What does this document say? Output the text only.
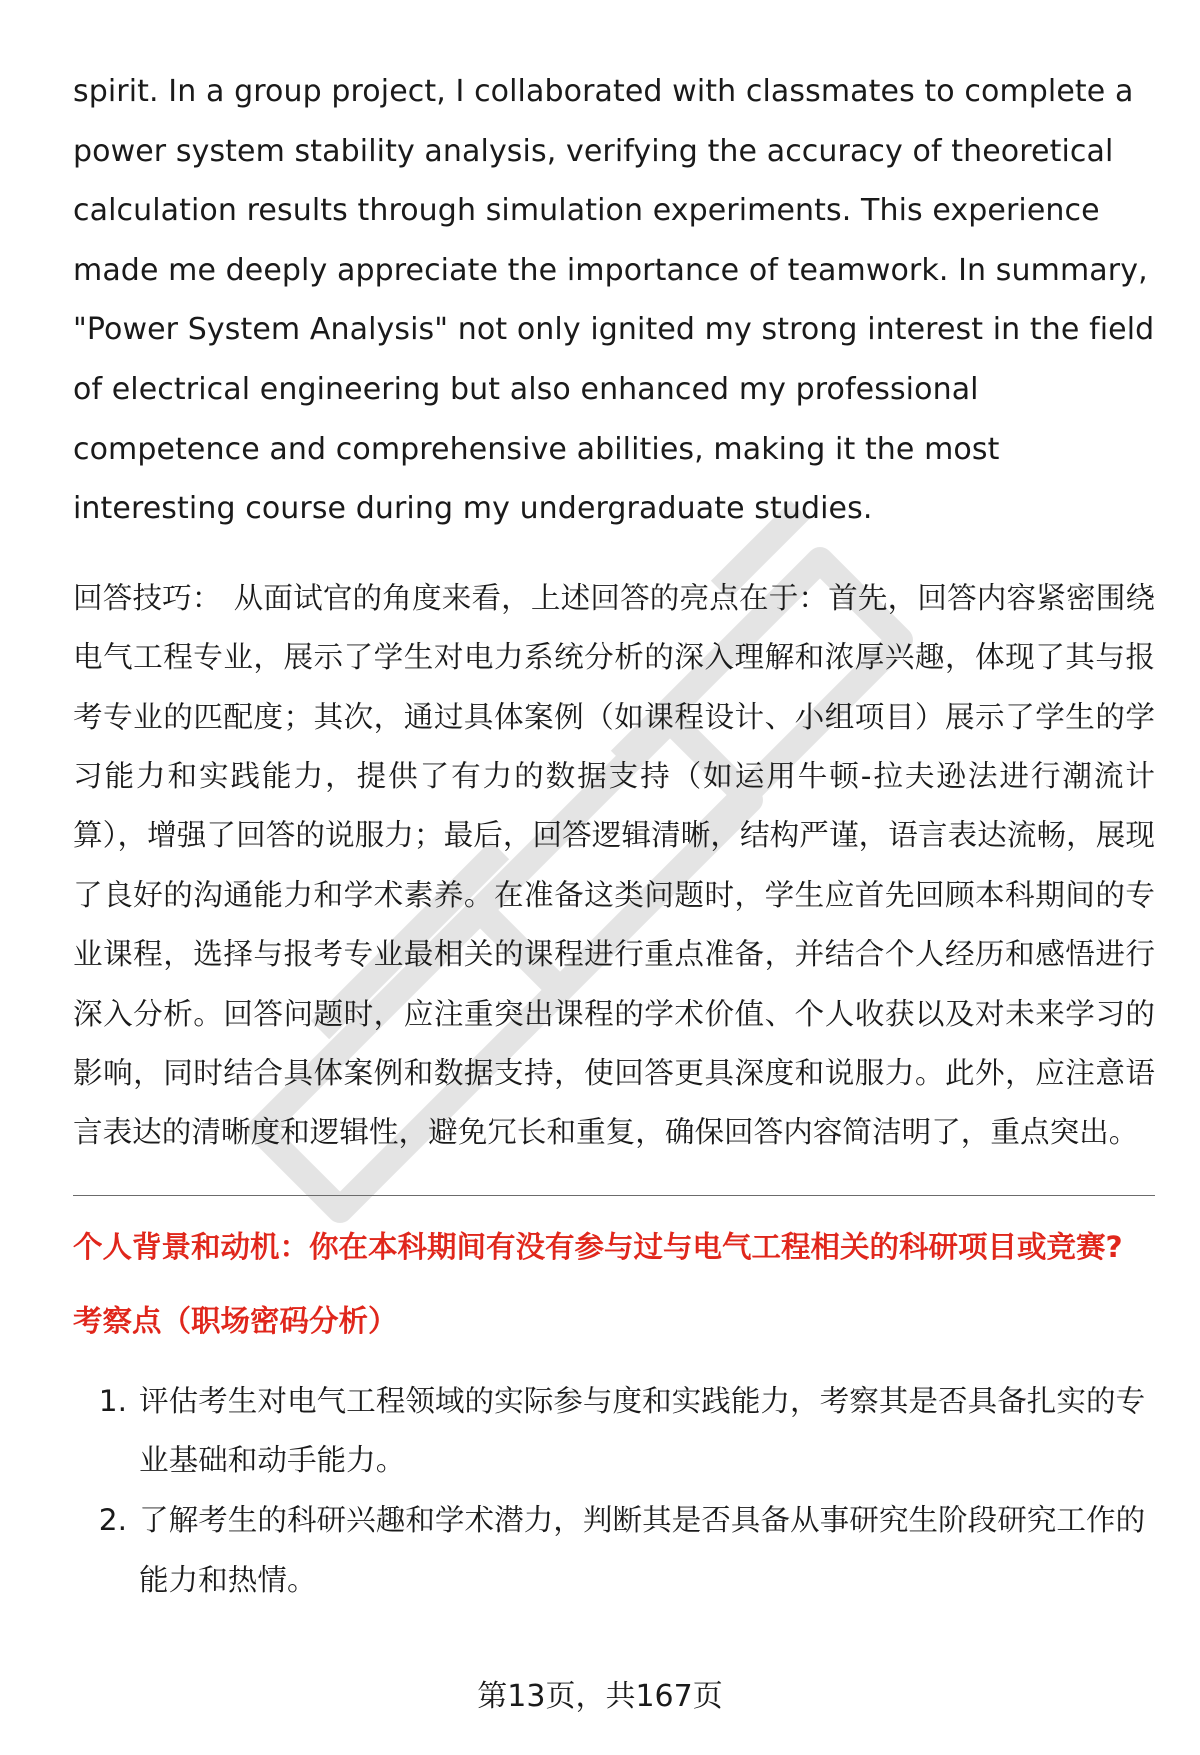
spirit. In a group project, I collaborated with classmates to complete a power system stability analysis, verifying the accuracy of theoretical calculation results through simulation experiments. This experience made me deeply appreciate the importance of teamwork. In summary, "Power System Analysis" not only ignited my strong interest in the field of electrical engineering but also enhanced my professional competence and comprehensive abilities, making it the most interesting course during my undergraduate studies.

回答技巧： 从面试官的角度来看，上述回答的亮点在于：首先，回答内容紧密围绕电气工程专业，展示了学生对电力系统分析的深入理解和浓厚兴趣，体现了其与报考专业的匹配度；其次，通过具体案例（如课程设计、小组项目）展示了学生的学习能力和实践能力，提供了有力的数据支持（如运用牛顿-拉夫逊法进行潮流计算），增强了回答的说服力；最后，回答逻辑清晰，结构严谨，语言表达流畅，展现了良好的沟通能力和学术素养。在准备这类问题时，学生应首先回顾本科期间的专业课程，选择与报考专业最相关的课程进行重点准备，并结合个人经历和感悟进行深入分析。回答问题时，应注重突出课程的学术价值、个人收获以及对未来学习的影响，同时结合具体案例和数据支持，使回答更具深度和说服力。此外，应注意语言表达的清晰度和逻辑性，避免冗长和重复，确保回答内容简洁明了，重点突出。

个人背景和动机：你在本科期间有没有参与过与电气工程相关的科研项目或竞赛?
考察点（职场密码分析）
1. 评估考生对电气工程领域的实际参与度和实践能力，考察其是否具备扎实的专业基础和动手能力。
2. 了解考生的科研兴趣和学术潜力，判断其是否具备从事研究生阶段研究工作的能力和热情。
第13页，共167页
